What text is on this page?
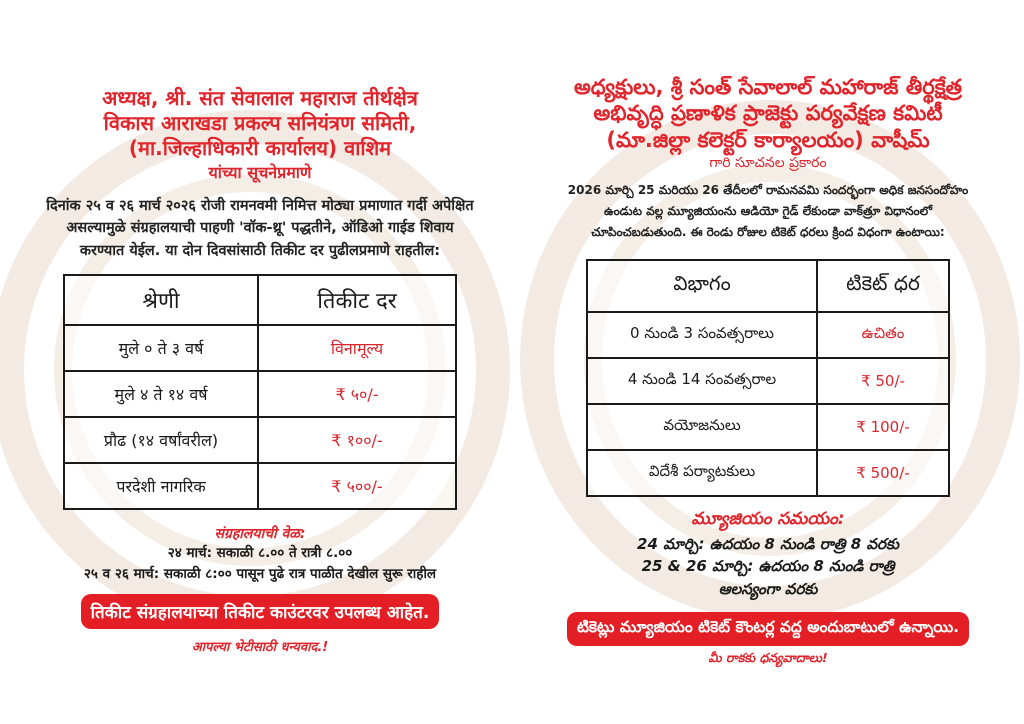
अध्यक्ष, श्री. संत सेवालाल महाराज तीर्थक्षेत्र
विकास आराखडा प्रकल्प सनियंत्रण समिती,
(मा.जिल्हाधिकारी कार्यालय) वाशिम
यांच्या सूचनेप्रमाणे
दिनांक २५ व २६ मार्च २०२६ रोजी रामनवमी निमित्त मोठ्या प्रमाणात गर्दी अपेक्षित असल्यामुळे संग्रहालयाची पाहणी 'वॉक-थ्रू' पद्धतीने, ऑडिओ गाईड शिवाय करण्यात येईल. या दोन दिवसांसाठी तिकीट दर पुढीलप्रमाणे राहतील:
श्रेणी	तिकीट दर
मुले ० ते ३ वर्ष	विनामूल्य
मुले ४ ते १४ वर्ष	₹ ५०/-
प्रौढ (१४ वर्षांवरील)	₹ १००/-
परदेशी नागरिक	₹ ५००/-
संग्रहालयाची वेळ:
२४ मार्च: सकाळी ८.०० ते रात्री ८.००
२५ व २६ मार्च: सकाळी ८:०० पासून पुढे रात्र पाळीत देखील सुरू राहील
तिकीट संग्रहालयाच्या तिकीट काउंटरवर उपलब्ध आहेत.
आपल्या भेटीसाठी धन्यवाद.!
అధ్యక్షులు, శ్రీ సంత్ సేవాలాల్ మహారాజ్ తీర్థక్షేత్ర
అభివృద్ధి ప్రణాళిక ప్రాజెక్టు పర్యవేక్షణ కమిటీ
(మా.జిల్లా కలెక్టర్ కార్యాలయం) వాషీమ్
గారి సూచనల ప్రకారం
2026 మార్చి 25 మరియు 26 తేదీలలో రామనవమి సందర్భంగా అధిక జనసందోహం ఉండుట వల్ల మ్యూజియంను ఆడియో గైడ్ లేకుండా వాక్‌త్రూ విధానంలో చూపించబడుతుంది. ఈ రెండు రోజుల టికెట్ ధరలు క్రింద విధంగా ఉంటాయి:
విభాగం	టికెట్ ధర
0 నుండి 3 సంవత్సరాలు	ఉచితం
4 నుండి 14 సంవత్సరాల	₹ 50/-
వయోజనులు	₹ 100/-
విదేశీ పర్యాటకులు	₹ 500/-
మ్యూజియం సమయం:
24 మార్చి: ఉదయం 8 నుండి రాత్రి 8 వరకు
25 & 26 మార్చి: ఉదయం 8 నుండి రాత్రి
ఆలస్యంగా వరకు
టికెట్లు మ్యూజియం టికెట్ కౌంటర్ల వద్ద అందుబాటులో ఉన్నాయి.
మీ రాకకు ధన్యవాదాలు!
